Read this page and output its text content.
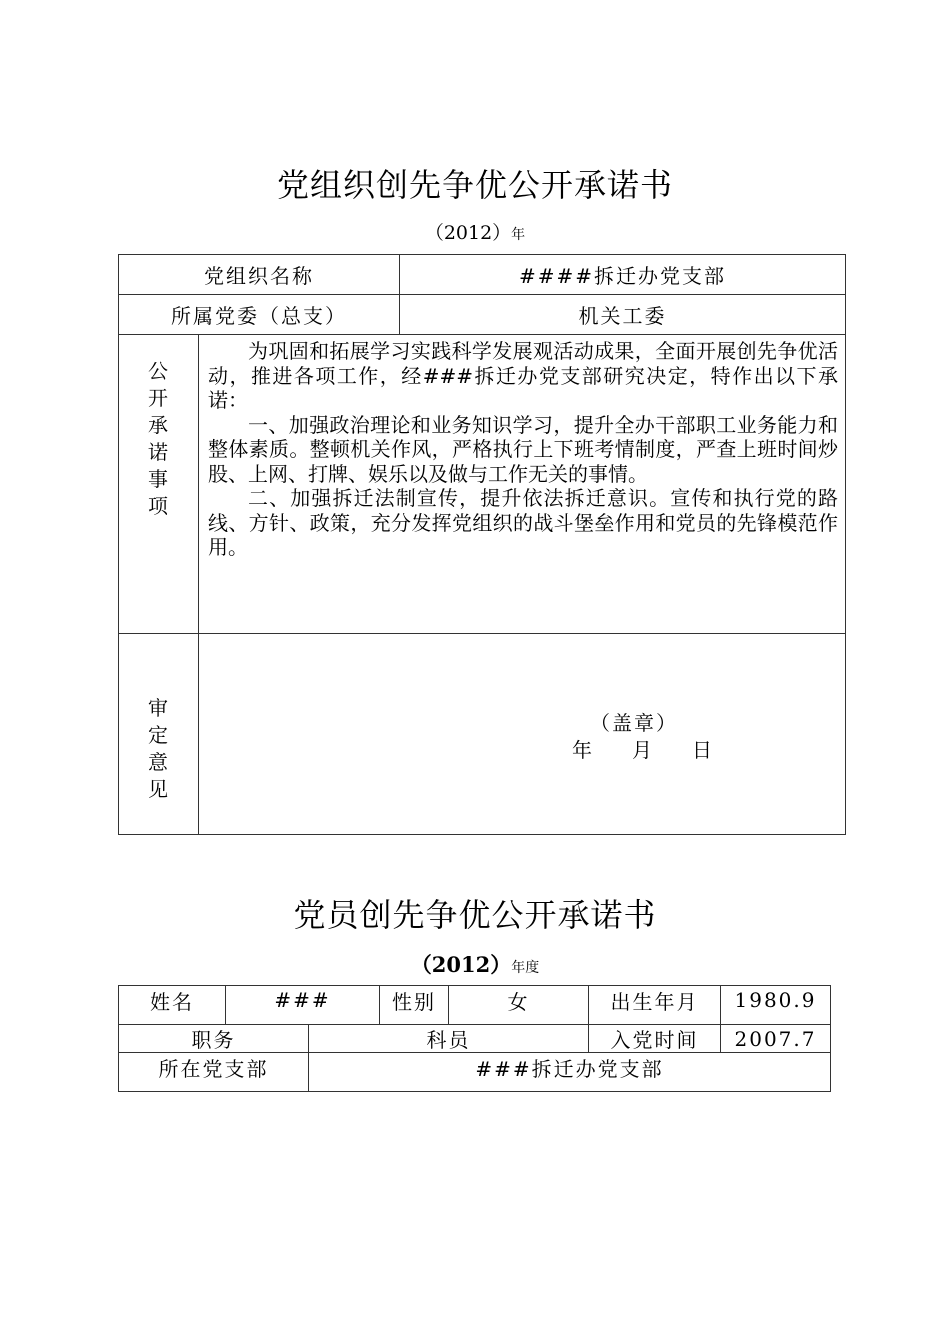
党组织创先争优公开承诺书
（2012）年
党组织名称	####拆迁办党支部
所属党委（总支）	机关工委
公
开
承
诺
事
项

为巩固和拓展学习实践科学发展观活动成果，全面开展创先争优活动，推进各项工作，经###拆迁办党支部研究决定，特作出以下承诺：

一、加强政治理论和业务知识学习，提升全办干部职工业务能力和整体素质。整顿机关作风，严格执行上下班考情制度，严查上班时间炒股、上网、打牌、娱乐以及做与工作无关的事情。

二、加强拆迁法制宣传，提升依法拆迁意识。宣传和执行党的路线、方针、政策，充分发挥党组织的战斗堡垒作用和党员的先锋模范作用。

审
定
意
见
（盖章）
年　　月　　日
党员创先争优公开承诺书
（2012）年度
姓名	###	性别	女	出生年月	1980.9
职务	科员	入党时间	2007.7
所在党支部	###拆迁办党支部
